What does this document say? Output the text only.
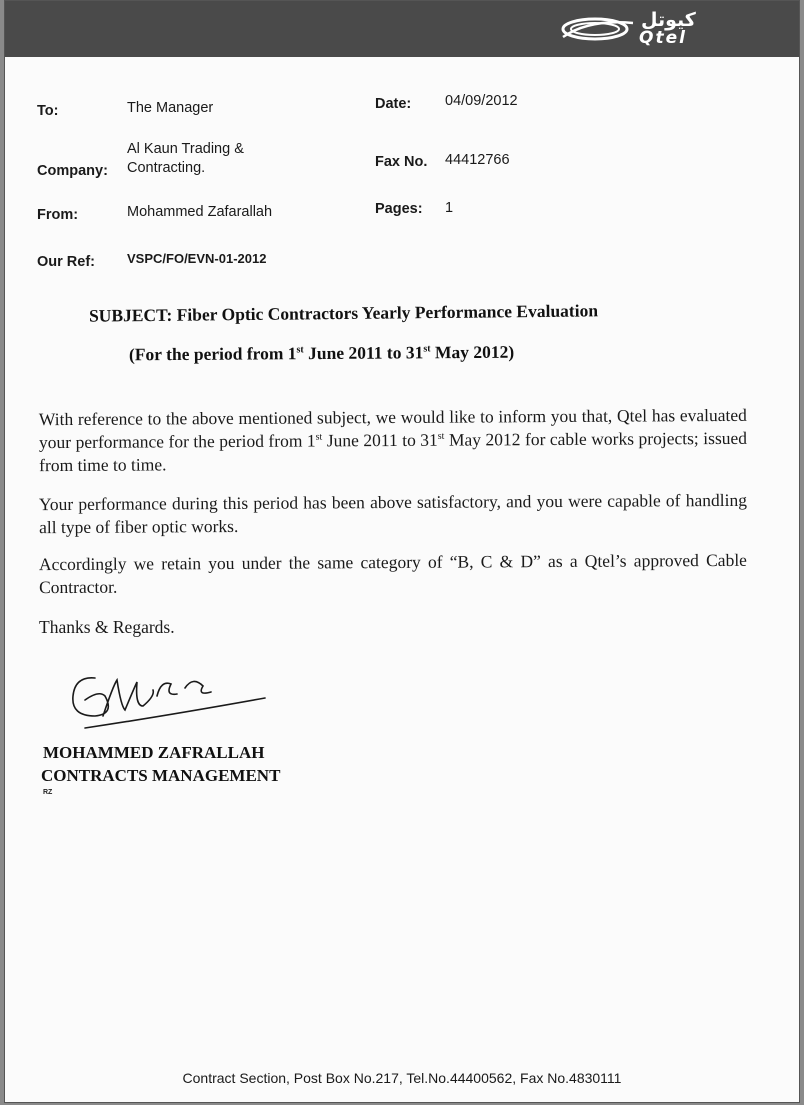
كيوتل
Qtel
To:	The Manager
Company:
Al Kaun Trading &
Contracting.
From:	Mohammed Zafarallah
Our Ref: VSPC/FO/EVN-01-2012
Date: 04/09/2012
Fax No. 44412766
Pages: 1
SUBJECT: Fiber Optic Contractors Yearly Performance Evaluation
(For the period from 1st June 2011 to 31st May 2012)
With reference to the above mentioned subject, we would like to inform you that, Qtel has evaluated your performance for the period from 1st June 2011 to 31st May 2012 for cable works projects; issued from time to time.
Your performance during this period has been above satisfactory, and you were capable of handling all type of fiber optic works.
Accordingly we retain you under the same category of “B, C & D” as a Qtel’s approved Cable Contractor.
Thanks & Regards.
MOHAMMED ZAFRALLAH
CONTRACTS MANAGEMENT
RZ
Contract Section, Post Box No.217, Tel.No.44400562, Fax No.4830111
